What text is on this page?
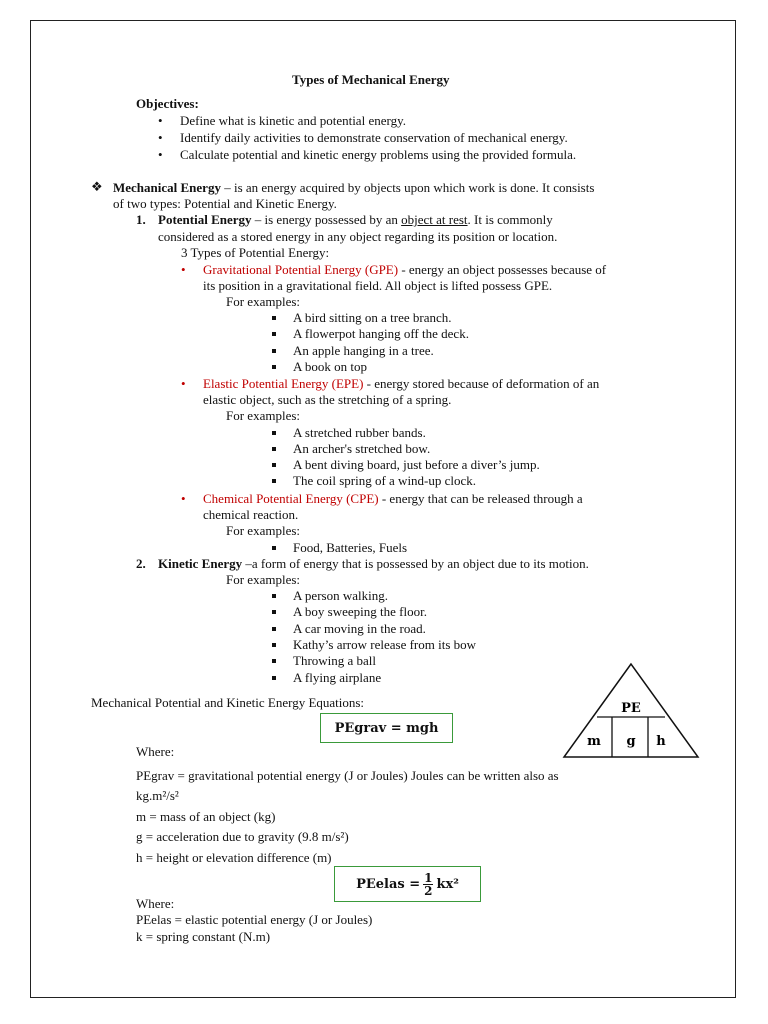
Types of Mechanical Energy
Objectives:
• Define what is kinetic and potential energy.
• Identify daily activities to demonstrate conservation of mechanical energy.
• Calculate potential and kinetic energy problems using the provided formula.
❖ Mechanical Energy – is an energy acquired by objects upon which work is done. It consists
of two types: Potential and Kinetic Energy.
1. Potential Energy – is energy possessed by an object at rest. It is commonly
considered as a stored energy in any object regarding its position or location.
3 Types of Potential Energy:
• Gravitational Potential Energy (GPE) - energy an object possesses because of
its position in a gravitational field. All object is lifted possess GPE.
For examples:
A bird sitting on a tree branch.
A flowerpot hanging off the deck.
An apple hanging in a tree.
A book on top
• Elastic Potential Energy (EPE) - energy stored because of deformation of an
elastic object, such as the stretching of a spring.
For examples:
A stretched rubber bands.
An archer's stretched bow.
A bent diving board, just before a diver’s jump.
The coil spring of a wind-up clock.
• Chemical Potential Energy (CPE) - energy that can be released through a
chemical reaction.
For examples:
Food, Batteries, Fuels
2. Kinetic Energy –a form of energy that is possessed by an object due to its motion.
For examples:
A person walking.
A boy sweeping the floor.
A car moving in the road.
Kathy’s arrow release from its bow
Throwing a ball
A flying airplane
Mechanical Potential and Kinetic Energy Equations:
PEgrav = mgh
Where:
PEgrav = gravitational potential energy (J or Joules) Joules can be written also as
kg.m²/s²
m = mass of an object (kg)
g = acceleration due to gravity (9.8 m/s²)
h = height or elevation difference (m)
PEelas = $\frac{1}{2} kx^2$
Where:
PEelas = elastic potential energy (J or Joules)
k = spring constant (N.m)
PE
m g h
